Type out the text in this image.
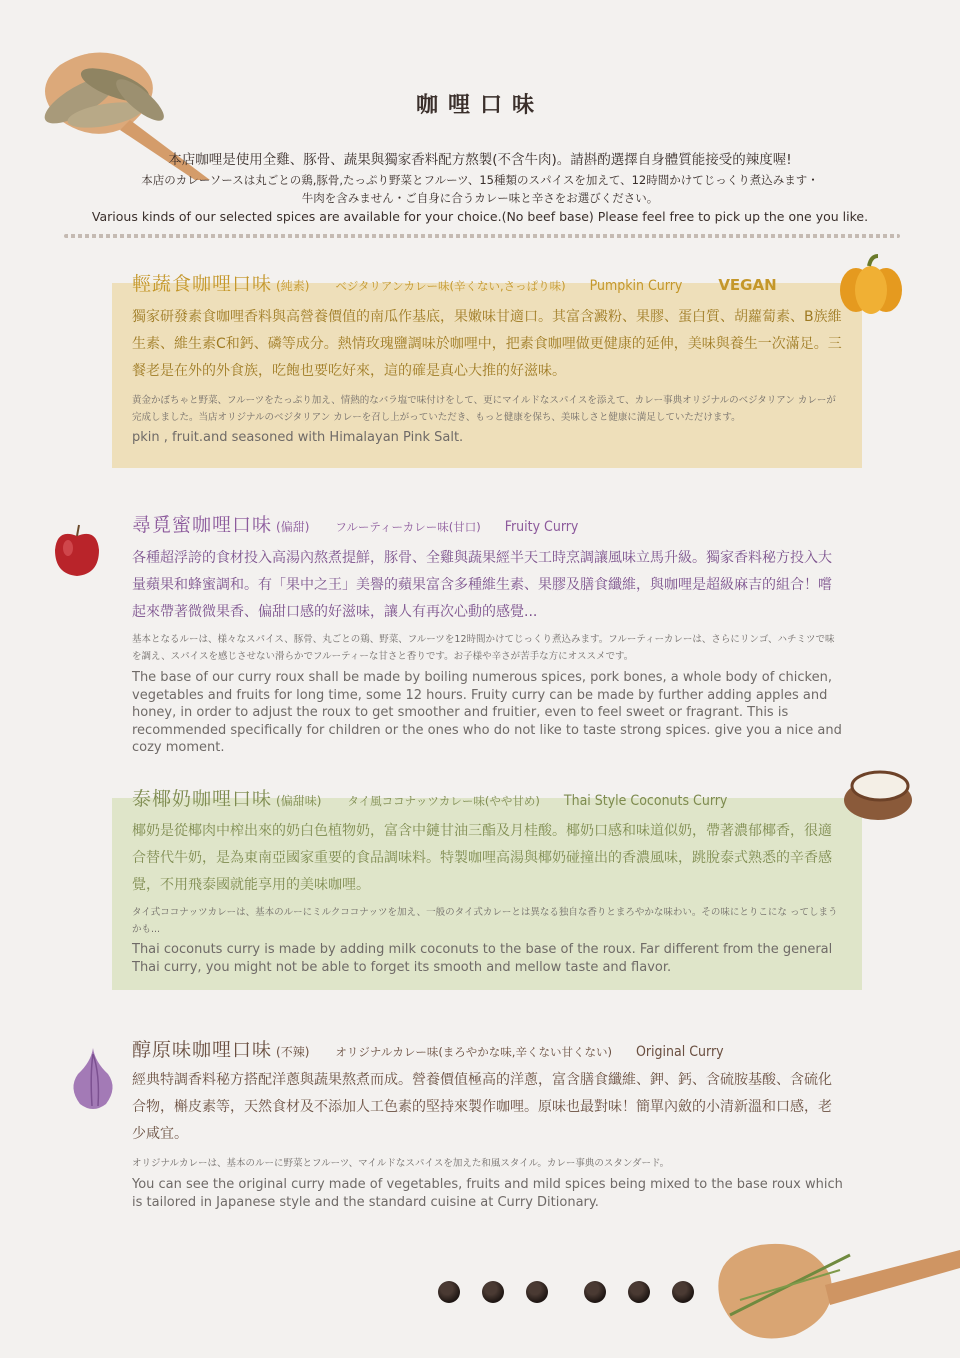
咖哩口味
本店咖哩是使用全雞、豚骨、蔬果與獨家香料配方熬製(不含牛肉)。請斟酌選擇自身體質能接受的辣度喔!
本店のカレーソースは丸ごとの鶏,豚骨,たっぷり野菜とフルーツ、15種類のスパイスを加えて、12時間かけてじっくり煮込みます・
牛肉を含みません・ご自身に合うカレー味と辛さをお選びください。
Various kinds of our selected spices are available for your choice.(No beef base) Please feel free to pick up the one you like.
輕蔬食咖哩口味 (純素) ベジタリアンカレー味(辛くない,さっぱり味) Pumpkin Curry VEGAN
獨家研發素食咖哩香料與高營養價值的南瓜作基底，果嫩味甘適口。其富含澱粉、果膠、蛋白質、胡蘿蔔素、B族維生素、維生素C和鈣、磷等成分。熱情玫瑰鹽調味於咖哩中，把素食咖哩做更健康的延伸，美味與養生一次滿足。三餐老是在外的外食族，吃飽也要吃好來，這的確是真心大推的好滋味。
黄金かぼちゃと野菜、フルーツをたっぷり加え、情熱的なバラ塩で味付けをして、更にマイルドなスパイスを添えて、カレー事典オリジナルのベジタリアン カレーが完成しました。当店オリジナルのベジタリアン カレーを召し上がっていただき、もっと健康を保ち、美味しさと健康に満足していただけます。
pkin , fruit.and seasoned with Himalayan Pink Salt.
尋覓蜜咖哩口味 (偏甜) フルーティーカレー味(甘口) Fruity Curry
各種超浮誇的食材投入高湯內熬煮提鮮，豚骨、全雞與蔬果經半天工時烹調讓風味立馬升級。獨家香料秘方投入大量蘋果和蜂蜜調和。有「果中之王」美譽的蘋果富含多種維生素、果膠及膳食纖維，與咖哩是超級麻吉的組合！嚐起來帶著微微果香、偏甜口感的好滋味，讓人有再次心動的感覺...
基本となるルーは、様々なスパイス、豚骨、丸ごとの鶏、野菜、フルーツを12時間かけてじっくり煮込みます。フルーティーカレーは、さらにリンゴ、ハチミツで味を調え、スパイスを感じさせない滑らかでフルーティーな甘さと香りです。お子様や辛さが苦手な方にオススメです。
The base of our curry roux shall be made by boiling numerous spices, pork bones, a whole body of chicken, vegetables and fruits for long time, some 12 hours. Fruity curry can be made by further adding apples and honey, in order to adjust the roux to get smoother and fruitier, even to feel sweet or fragrant. This is recommended specifically for children or the ones who do not like to taste strong spices. give you a nice and cozy moment.
泰椰奶咖哩口味 (偏甜味) タイ風ココナッツカレー味(やや甘め) Thai Style Coconuts Curry
椰奶是從椰肉中榨出來的奶白色植物奶，富含中鏈甘油三酯及月桂酸。椰奶口感和味道似奶，帶著濃郁椰香，很適合替代牛奶，是為東南亞國家重要的食品調味料。特製咖哩高湯與椰奶碰撞出的香濃風味，跳脫泰式熟悉的辛香感覺，不用飛泰國就能享用的美味咖哩。
タイ式ココナッツカレーは、基本のルーにミルクココナッツを加え、一般のタイ式カレーとは異なる独自な香りとまろやかな味わい。その味にとりこにな ってしまうかも...
Thai coconuts curry is made by adding milk coconuts to the base of the roux. Far different from the general Thai curry, you might not be able to forget its smooth and mellow taste and flavor.
醇原味咖哩口味 (不辣) オリジナルカレー味(まろやかな味,辛くない甘くない) Original Curry
經典特調香料秘方搭配洋蔥與蔬果熬煮而成。營養價值極高的洋蔥，富含膳食纖維、鉀、鈣、含硫胺基酸、含硫化合物，槲皮素等，天然食材及不添加人工色素的堅持來製作咖哩。原味也最對味！簡單內斂的小清新溫和口感，老少咸宜。
オリジナルカレーは、基本のルーに野菜とフルーツ、マイルドなスパイスを加えた和風スタイル。カレー事典のスタンダード。
You can see the original curry made of vegetables, fruits and mild spices being mixed to the base roux which is tailored in Japanese style and the standard cuisine at Curry Ditionary.
